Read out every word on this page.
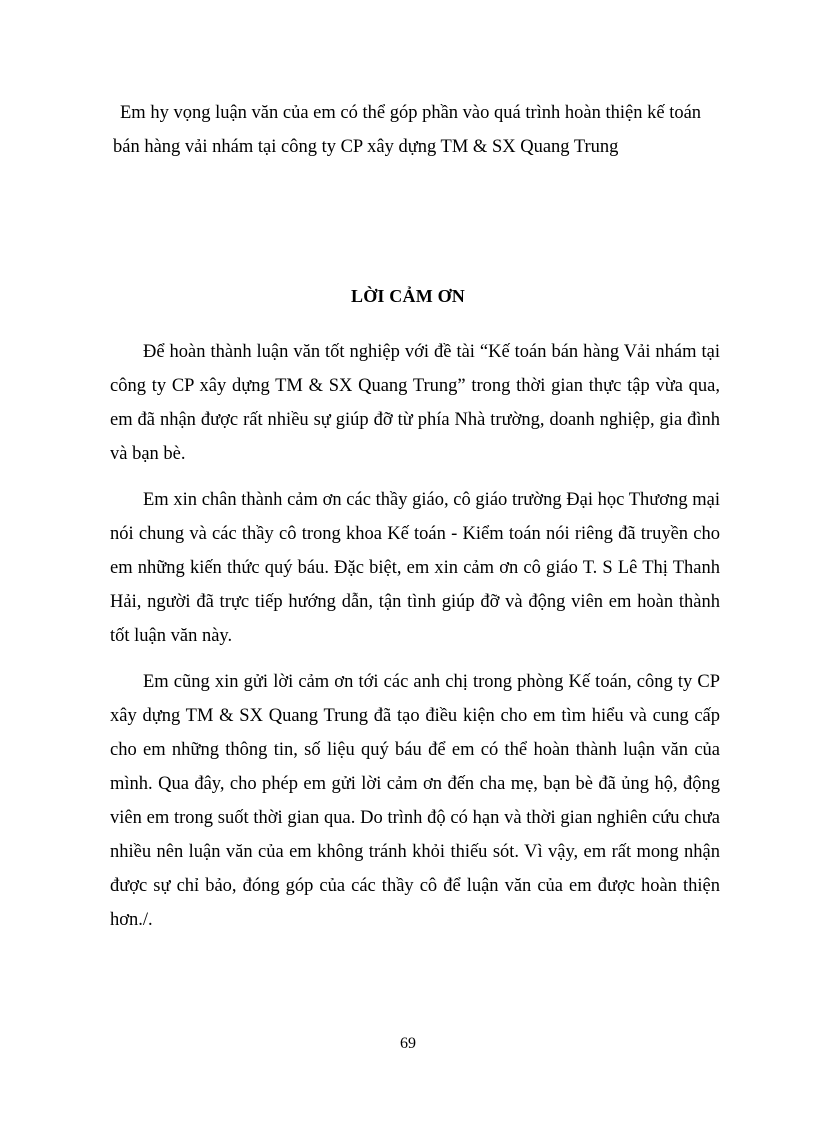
Em hy vọng luận văn của em có thể góp phần vào quá trình hoàn thiện kế toán
bán hàng vải nhám tại công ty CP xây dựng TM & SX Quang Trung

LỜI CẢM ƠN

Để hoàn thành luận văn tốt nghiệp với đề tài “Kế toán bán hàng Vải nhám tại công ty CP xây dựng TM & SX Quang Trung” trong thời gian thực tập vừa qua, em đã nhận được rất nhiều sự giúp đỡ từ phía Nhà trường, doanh nghiệp, gia đình và bạn bè.

Em xin chân thành cảm ơn các thầy giáo, cô giáo trường Đại học Thương mại nói chung và các thầy cô trong khoa Kế toán - Kiểm toán nói riêng đã truyền cho em những kiến thức quý báu. Đặc biệt, em xin cảm ơn cô giáo T. S Lê Thị Thanh Hải, người đã trực tiếp hướng dẫn, tận tình giúp đỡ và động viên em hoàn thành tốt luận văn này.

Em cũng xin gửi lời cảm ơn tới các anh chị trong phòng Kế toán, công ty CP xây dựng TM & SX Quang Trung đã tạo điều kiện cho em tìm hiểu và cung cấp cho em những thông tin, số liệu quý báu để em có thể hoàn thành luận văn của mình. Qua đây, cho phép em gửi lời cảm ơn đến cha mẹ, bạn bè đã ủng hộ, động viên em trong suốt thời gian qua. Do trình độ có hạn và thời gian nghiên cứu chưa nhiều nên luận văn của em không tránh khỏi thiếu sót. Vì vậy, em rất mong nhận được sự chỉ bảo, đóng góp của các thầy cô để luận văn của em được hoàn thiện hơn./.

69
